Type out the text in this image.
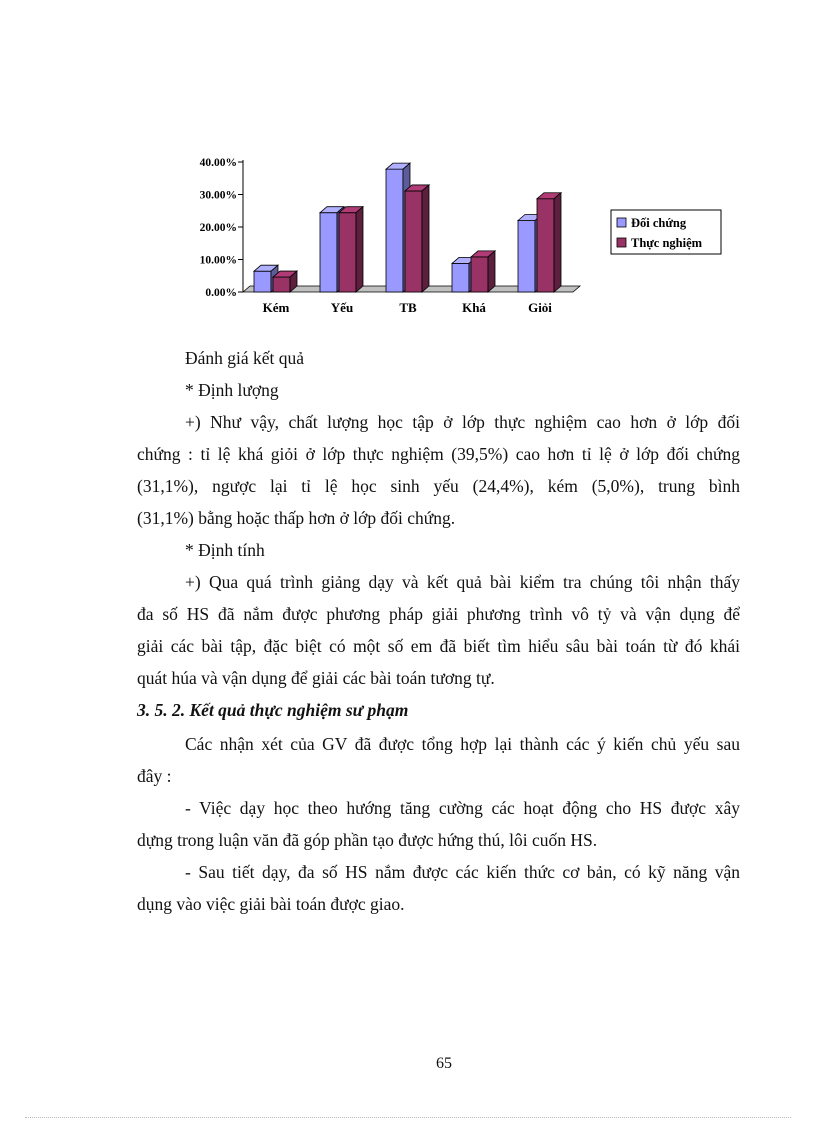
0.00%
10.00%
20.00%
30.00%
40.00%
Kém	Yếu	TB	Khá	Giỏi
Đối chứng
Thực nghiệm

Đánh giá kết quả

* Định lượng

+) Như vậy, chất lượng học tập ở lớp thực nghiệm cao hơn ở lớp đối

chứng : tỉ lệ khá giỏi ở lớp thực nghiệm (39,5%) cao hơn tỉ lệ ở lớp đối chứng

(31,1%), ngược lại tỉ lệ học sinh yếu (24,4%), kém (5,0%), trung bình

(31,1%) bằng hoặc thấp hơn ở lớp đối chứng.

* Định tính

+) Qua quá trình giảng dạy và kết quả bài kiểm tra chúng tôi nhận thấy

đa số HS đã nắm được phương pháp giải phương trình vô tỷ và vận dụng để

giải các bài tập, đặc biệt có một số em đã biết tìm hiểu sâu bài toán từ đó khái

quát húa và vận dụng để giải các bài toán tương tự.

3. 5. 2. Kết quả thực nghiệm sư phạm

Các nhận xét của GV đã được tổng hợp lại thành các ý kiến chủ yếu sau

đây :

- Việc dạy học theo hướng tăng cường các hoạt động cho HS được xây

dựng trong luận văn đã góp phần tạo được hứng thú, lôi cuốn HS.

- Sau tiết dạy, đa số HS nắm được các kiến thức cơ bản, có kỹ năng vận

dụng vào việc giải bài toán được giao.

65
